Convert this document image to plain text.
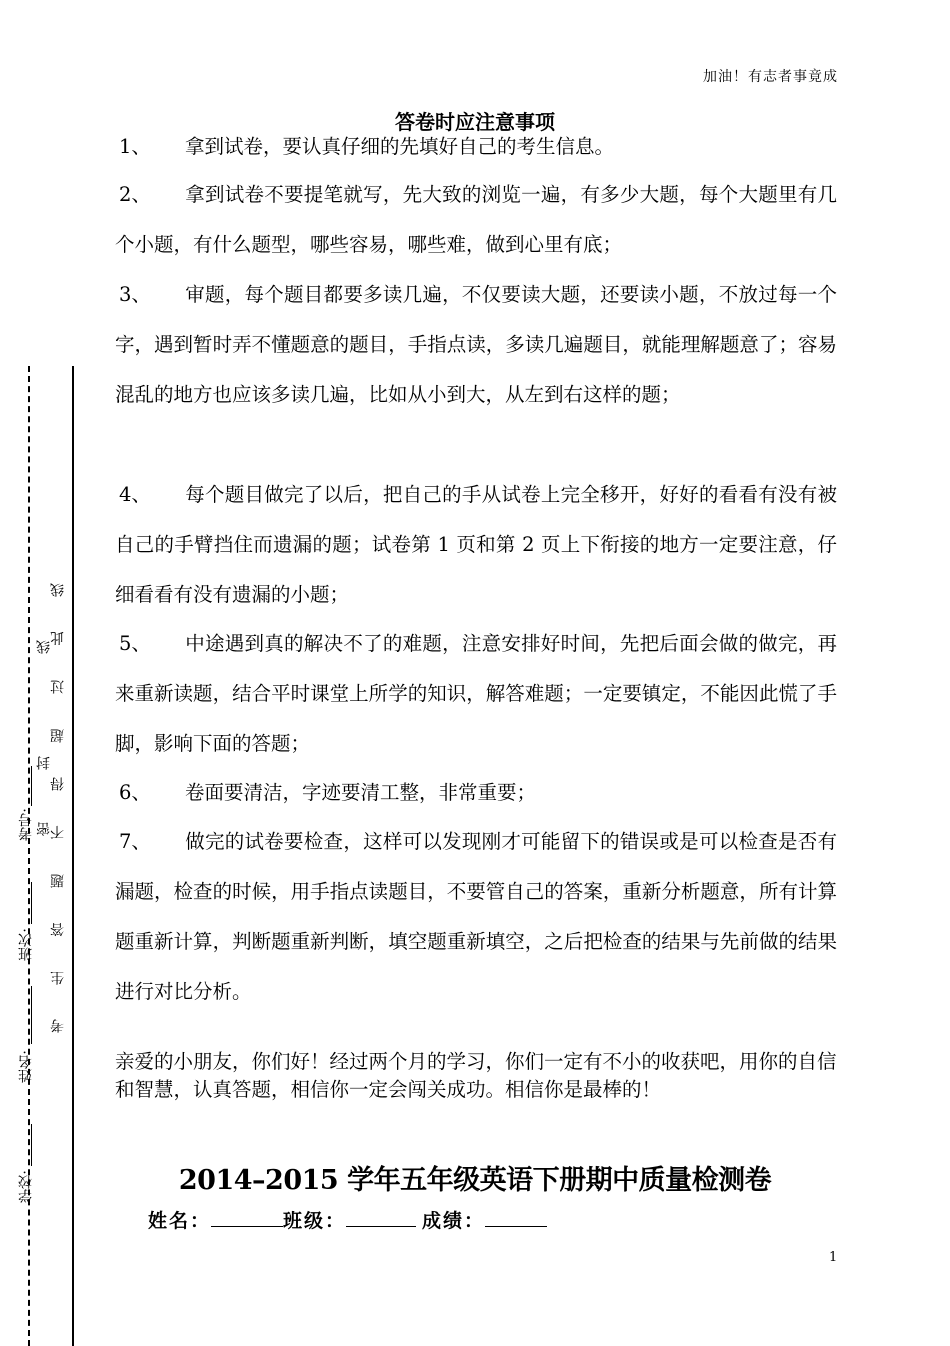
加油！有志者事竟成
答卷时应注意事项
1、 拿到试卷，要认真仔细的先填好自己的考生信息。
2、 拿到试卷不要提笔就写，先大致的浏览一遍，有多少大题，每个大题里有几个小题，有什么题型，哪些容易，哪些难，做到心里有底；
3、 审题，每个题目都要多读几遍，不仅要读大题，还要读小题，不放过每一个字，遇到暂时弄不懂题意的题目，手指点读，多读几遍题目，就能理解题意了；容易混乱的地方也应该多读几遍，比如从小到大，从左到右这样的题；
4、 每个题目做完了以后，把自己的手从试卷上完全移开，好好的看看有没有被自己的手臂挡住而遗漏的题；试卷第 1 页和第 2 页上下衔接的地方一定要注意，仔细看看有没有遗漏的小题；
5、 中途遇到真的解决不了的难题，注意安排好时间，先把后面会做的做完，再来重新读题，结合平时课堂上所学的知识，解答难题；一定要镇定，不能因此慌了手脚，影响下面的答题；
6、 卷面要清洁，字迹要清工整，非常重要；
7、 做完的试卷要检查，这样可以发现刚才可能留下的错误或是可以检查是否有漏题，检查的时候，用手指点读题目，不要管自己的答案，重新分析题意，所有计算题重新计算，判断题重新判断，填空题重新填空，之后把检查的结果与先前做的结果进行对比分析。
亲爱的小朋友，你们好！经过两个月的学习，你们一定有不小的收获吧，用你的自信和智慧，认真答题，相信你一定会闯关成功。相信你是最棒的！
2014–2015 学年五年级英语下册期中质量检测卷
姓名：	班级：	成绩：
1
考 生 答 题 不 得 超 过 此 线
密
封
线
学校:
姓名:
班次:
考号:
